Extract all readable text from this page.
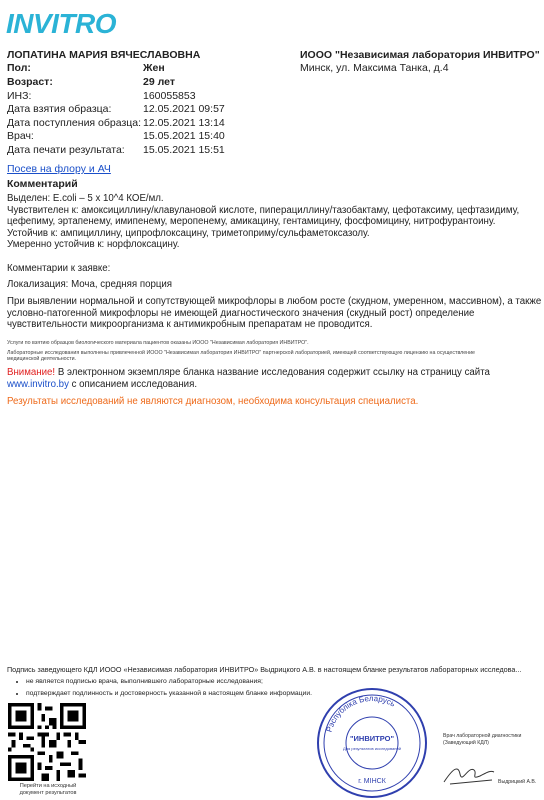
INVITRO
ЛОПАТИНА МАРИЯ ВЯЧЕСЛАВОВНА
Пол:	Жен
Возраст:	29 лет
ИНЗ:	160055853
Дата взятия образца:	12.05.2021 09:57
Дата поступления образца: 12.05.2021 13:14
Врач:	15.05.2021 15:40
Дата печати результата: 15.05.2021 15:51
ИООО "Независимая лаборатория ИНВИТРО"
Минск, ул. Максима Танка, д.4
Посев на флору и АЧ
Комментарий
Выделен: E.coli – 5 х 10^4 КОЕ/мл.
Чувствителен к: амоксициллину/клавулановой кислоте, пиперациллину/тазобактаму, цефотаксиму, цефтазидиму,
цефепиму, эртапенему, имипенему, меропенему, амикацину, гентамицину, фосфомицину, нитрофурантоину.
Устойчив к: ампициллину, ципрофлоксацину, триметоприму/сульфаметоксазолу.
Умеренно устойчив к: норфлоксацину.
Комментарии к заявке:
Локализация: Моча, средняя порция
При выявлении нормальной и сопутствующей микрофлоры в любом росте (скудном, умеренном, массивном), а также
условно-патогенной микрофлоры не имеющей диагностического значения (скудный рост) определение
чувствительности микроорганизма к антимикробным препаратам не проводится.
Услуги по взятию образцов биологического материала пациентов оказаны ИООО "Независимая лаборатория ИНВИТРО".
Лабораторные исследования выполнены привлеченной ИООО "Независимая лаборатория ИНВИТРО" партнерской лабораторией, имеющей соответствующую лицензию на осуществление
медицинской деятельности.
Внимание! В электронном экземпляре бланка название исследования содержит ссылку на страницу сайта
www.invitro.by с описанием исследования.
Результаты исследований не являются диагнозом, необходима консультация специалиста.
Подпись заведующего КДЛ ИООО «Независимая лаборатория ИНВИТРО» Выдрицкого А.В. в настоящем бланке результатов лабораторных исследова...
• не является подписью врача, выполнившего лабораторные исследования;
• подтверждает подлинность и достоверность указанной в настоящем бланке информации.
Перейти на исходный
документ результатов
Рэспубліка Беларусь
"ИНВИТРО"
Для результатов исследований
г. МІНСК
Врач лабораторной диагностики
(Заведующий КДЛ)
Выдрицкий А.В.
